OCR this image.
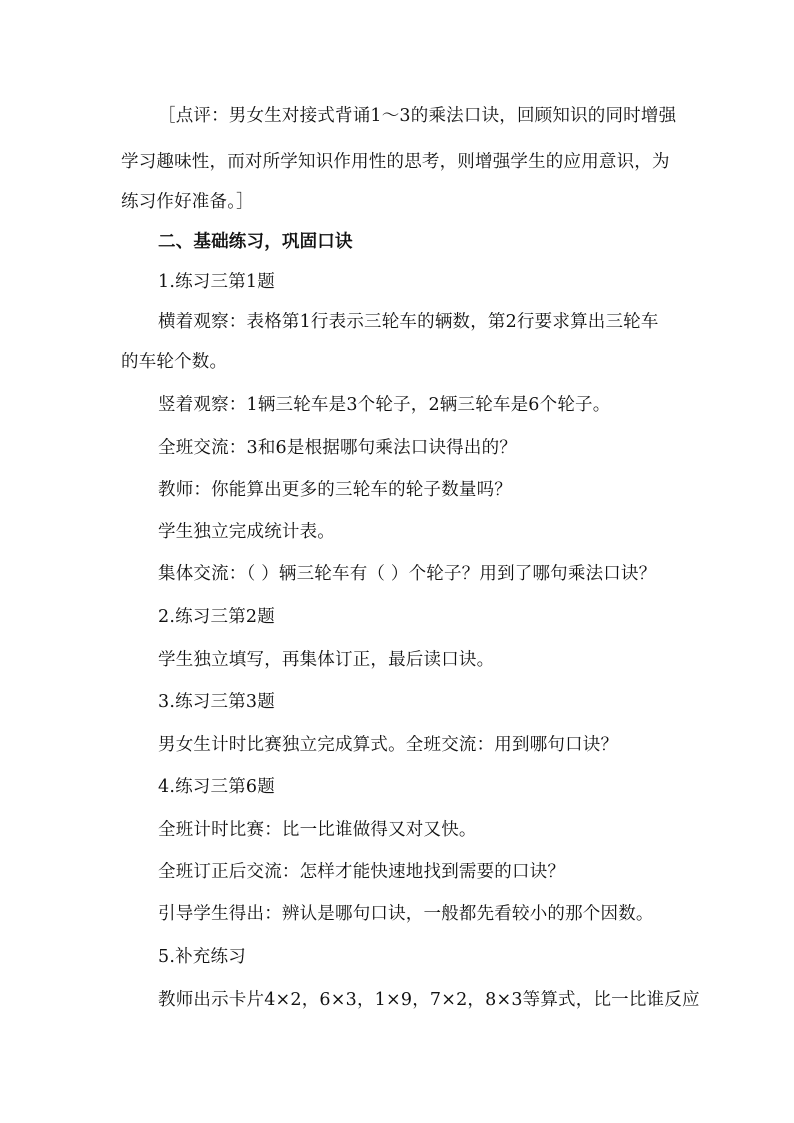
［点评：男女生对接式背诵1～3的乘法口诀，回顾知识的同时增强
学习趣味性，而对所学知识作用性的思考，则增强学生的应用意识，为
练习作好准备。］
二、基础练习，巩固口诀
1.练习三第1题
横着观察：表格第1行表示三轮车的辆数，第2行要求算出三轮车
的车轮个数。
竖着观察：1辆三轮车是3个轮子，2辆三轮车是6个轮子。
全班交流：3和6是根据哪句乘法口诀得出的？
教师：你能算出更多的三轮车的轮子数量吗？
学生独立完成统计表。
集体交流：（ ）辆三轮车有（ ）个轮子？用到了哪句乘法口诀？
2.练习三第2题
学生独立填写，再集体订正，最后读口诀。
3.练习三第3题
男女生计时比赛独立完成算式。全班交流：用到哪句口诀？
4.练习三第6题
全班计时比赛：比一比谁做得又对又快。
全班订正后交流：怎样才能快速地找到需要的口诀？
引导学生得出：辨认是哪句口诀，一般都先看较小的那个因数。
5.补充练习
教师出示卡片4×2，6×3，1×9，7×2，8×3等算式，比一比谁反应
